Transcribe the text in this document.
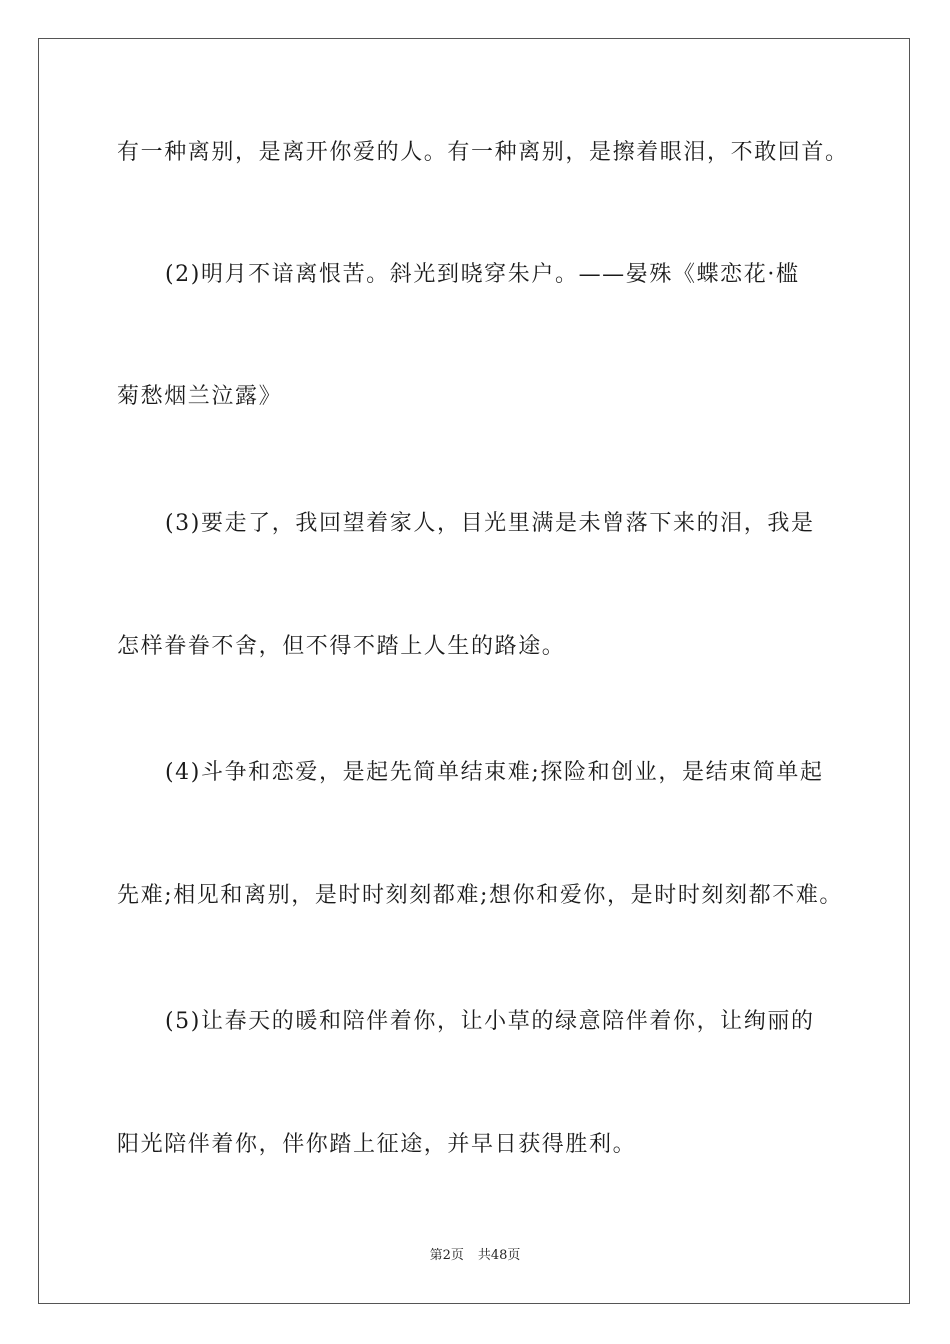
有一种离别，是离开你爱的人。有一种离别，是擦着眼泪，不敢回首。
(2)明月不谙离恨苦。斜光到晓穿朱户。——晏殊《蝶恋花·槛
菊愁烟兰泣露》
(3)要走了，我回望着家人，目光里满是未曾落下来的泪，我是
怎样眷眷不舍，但不得不踏上人生的路途。
(4)斗争和恋爱，是起先简单结束难;探险和创业，是结束简单起
先难;相见和离别，是时时刻刻都难;想你和爱你，是时时刻刻都不难。
(5)让春天的暖和陪伴着你，让小草的绿意陪伴着你，让绚丽的
阳光陪伴着你，伴你踏上征途，并早日获得胜利。
第2页 共48页
